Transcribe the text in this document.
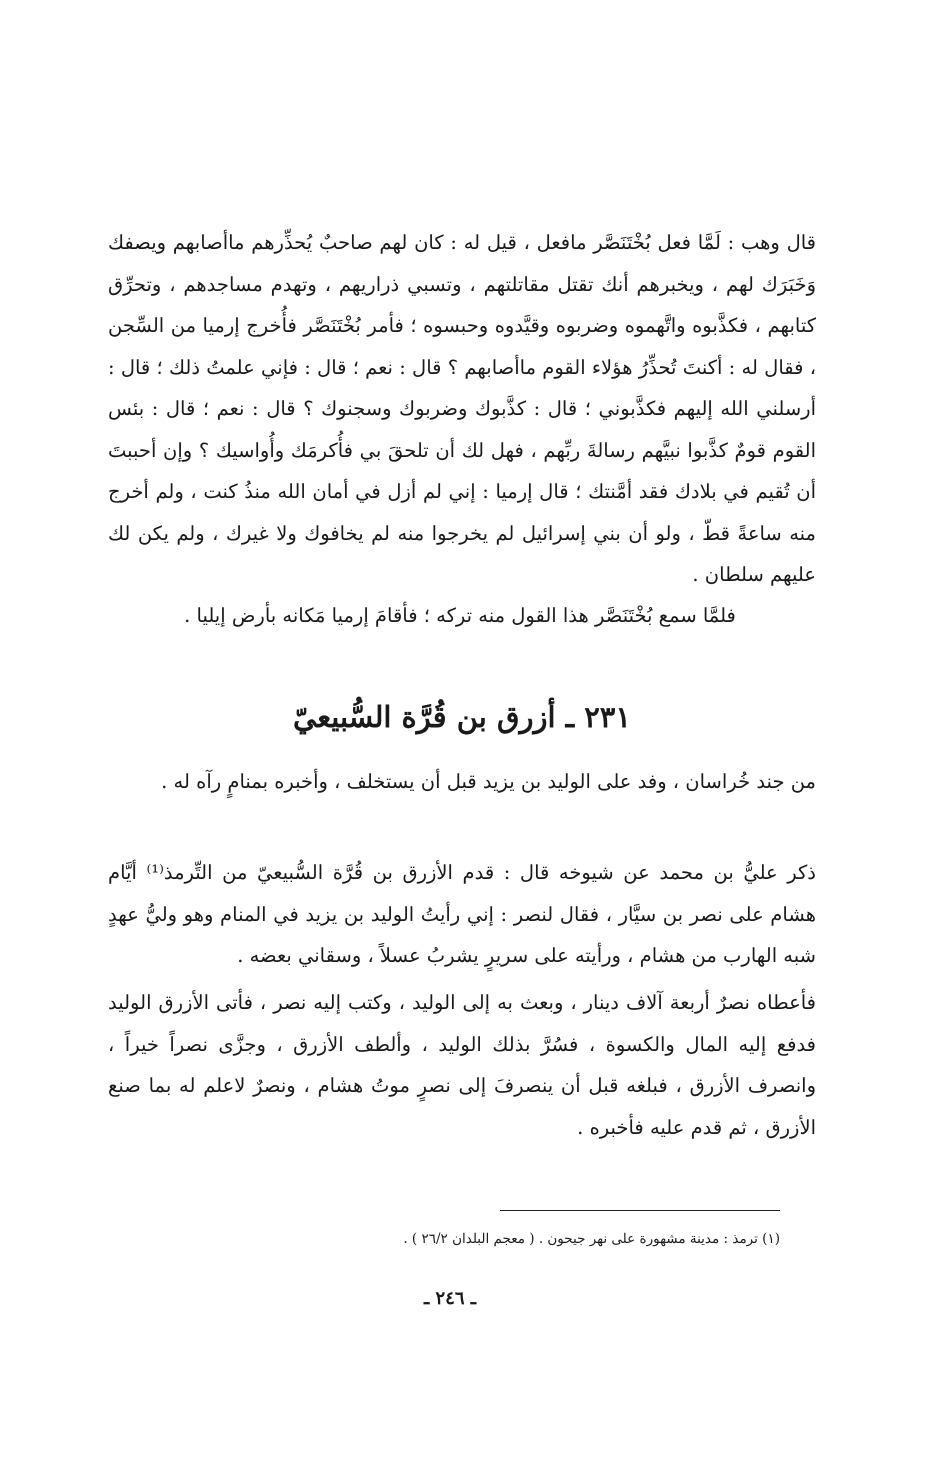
قال وهب : لَمَّا فعل بُخْتَنَصَّر مافعل ، قيل له : كان لهم صاحبٌ يُحذِّرهم ماأصابهم ويصفك وَخَبَرَك لهم ، ويخبرهم أنك تقتل مقاتلتهم ، وتسبي ذراريهم ، وتهدم مساجدهم ، وتحرِّق كتابهم ، فكذَّبوه واتَّهموه وضربوه وقيَّدوه وحبسوه ؛ فأمر بُخْتَنَصَّر فأُخرج إرميا من السِّجن ، فقال له : أكنتَ تُحذِّرُ هؤلاء القوم ماأصابهم ؟ قال : نعم ؛ قال : فإني علمتُ ذلك ؛ قال : أرسلني الله إليهم فكذَّبوني ؛ قال : كذَّبوك وضربوك وسجنوك ؟ قال : نعم ؛ قال : بئس القوم قومٌ كذَّبوا نبيَّهم رسالةَ ربِّهم ، فهل لك أن تلحقَ بي فأُكرمَك وأُواسيك ؟ وإن أحببتَ أن تُقيم في بلادك فقد أمَّنتك ؛ قال إرميا : إني لم أزل في أمان الله منذُ كنت ، ولم أخرج منه ساعةً قطّ ، ولو أن بني إسرائيل لم يخرجوا منه لم يخافوك ولا غيرك ، ولم يكن لك عليهم سلطان .

فلمَّا سمع بُخْتَنَصَّر هذا القول منه تركه ؛ فأقامَ إرميا مَكانه بأرض إيليا .

٢٣١ ـ أزرق بن قُرَّة السُّبيعيّ

من جند خُراسان ، وفد على الوليد بن يزيد قبل أن يستخلف ، وأخبره بمنامٍ رآه له .

ذكر عليُّ بن محمد عن شيوخه قال : قدم الأزرق بن قُرَّة السُّبيعيّ من التِّرمذ⁽¹⁾ أيَّام هشام على نصر بن سيَّار ، فقال لنصر : إني رأيتُ الوليد بن يزيد في المنام وهو وليُّ عهدٍ شبه الهارب من هشام ، ورأيته على سريرٍ يشربُ عسلاً ، وسقاني بعضه .

فأعطاه نصرٌ أربعة آلاف دينار ، وبعث به إلى الوليد ، وكتب إليه نصر ، فأتى الأزرق الوليد فدفع إليه المال والكسوة ، فسُرَّ بذلك الوليد ، وألطف الأزرق ، وجزَّى نصراً خيراً ، وانصرف الأزرق ، فبلغه قبل أن ينصرفَ إلى نصرٍ موتُ هشام ، ونصرٌ لاعلم له بما صنع الأزرق ، ثم قدم عليه فأخبره .

(١) ترمذ : مدينة مشهورة على نهر جيحون . ( معجم البلدان ٢٦/٢ ) .

ـ ٢٤٦ ـ
